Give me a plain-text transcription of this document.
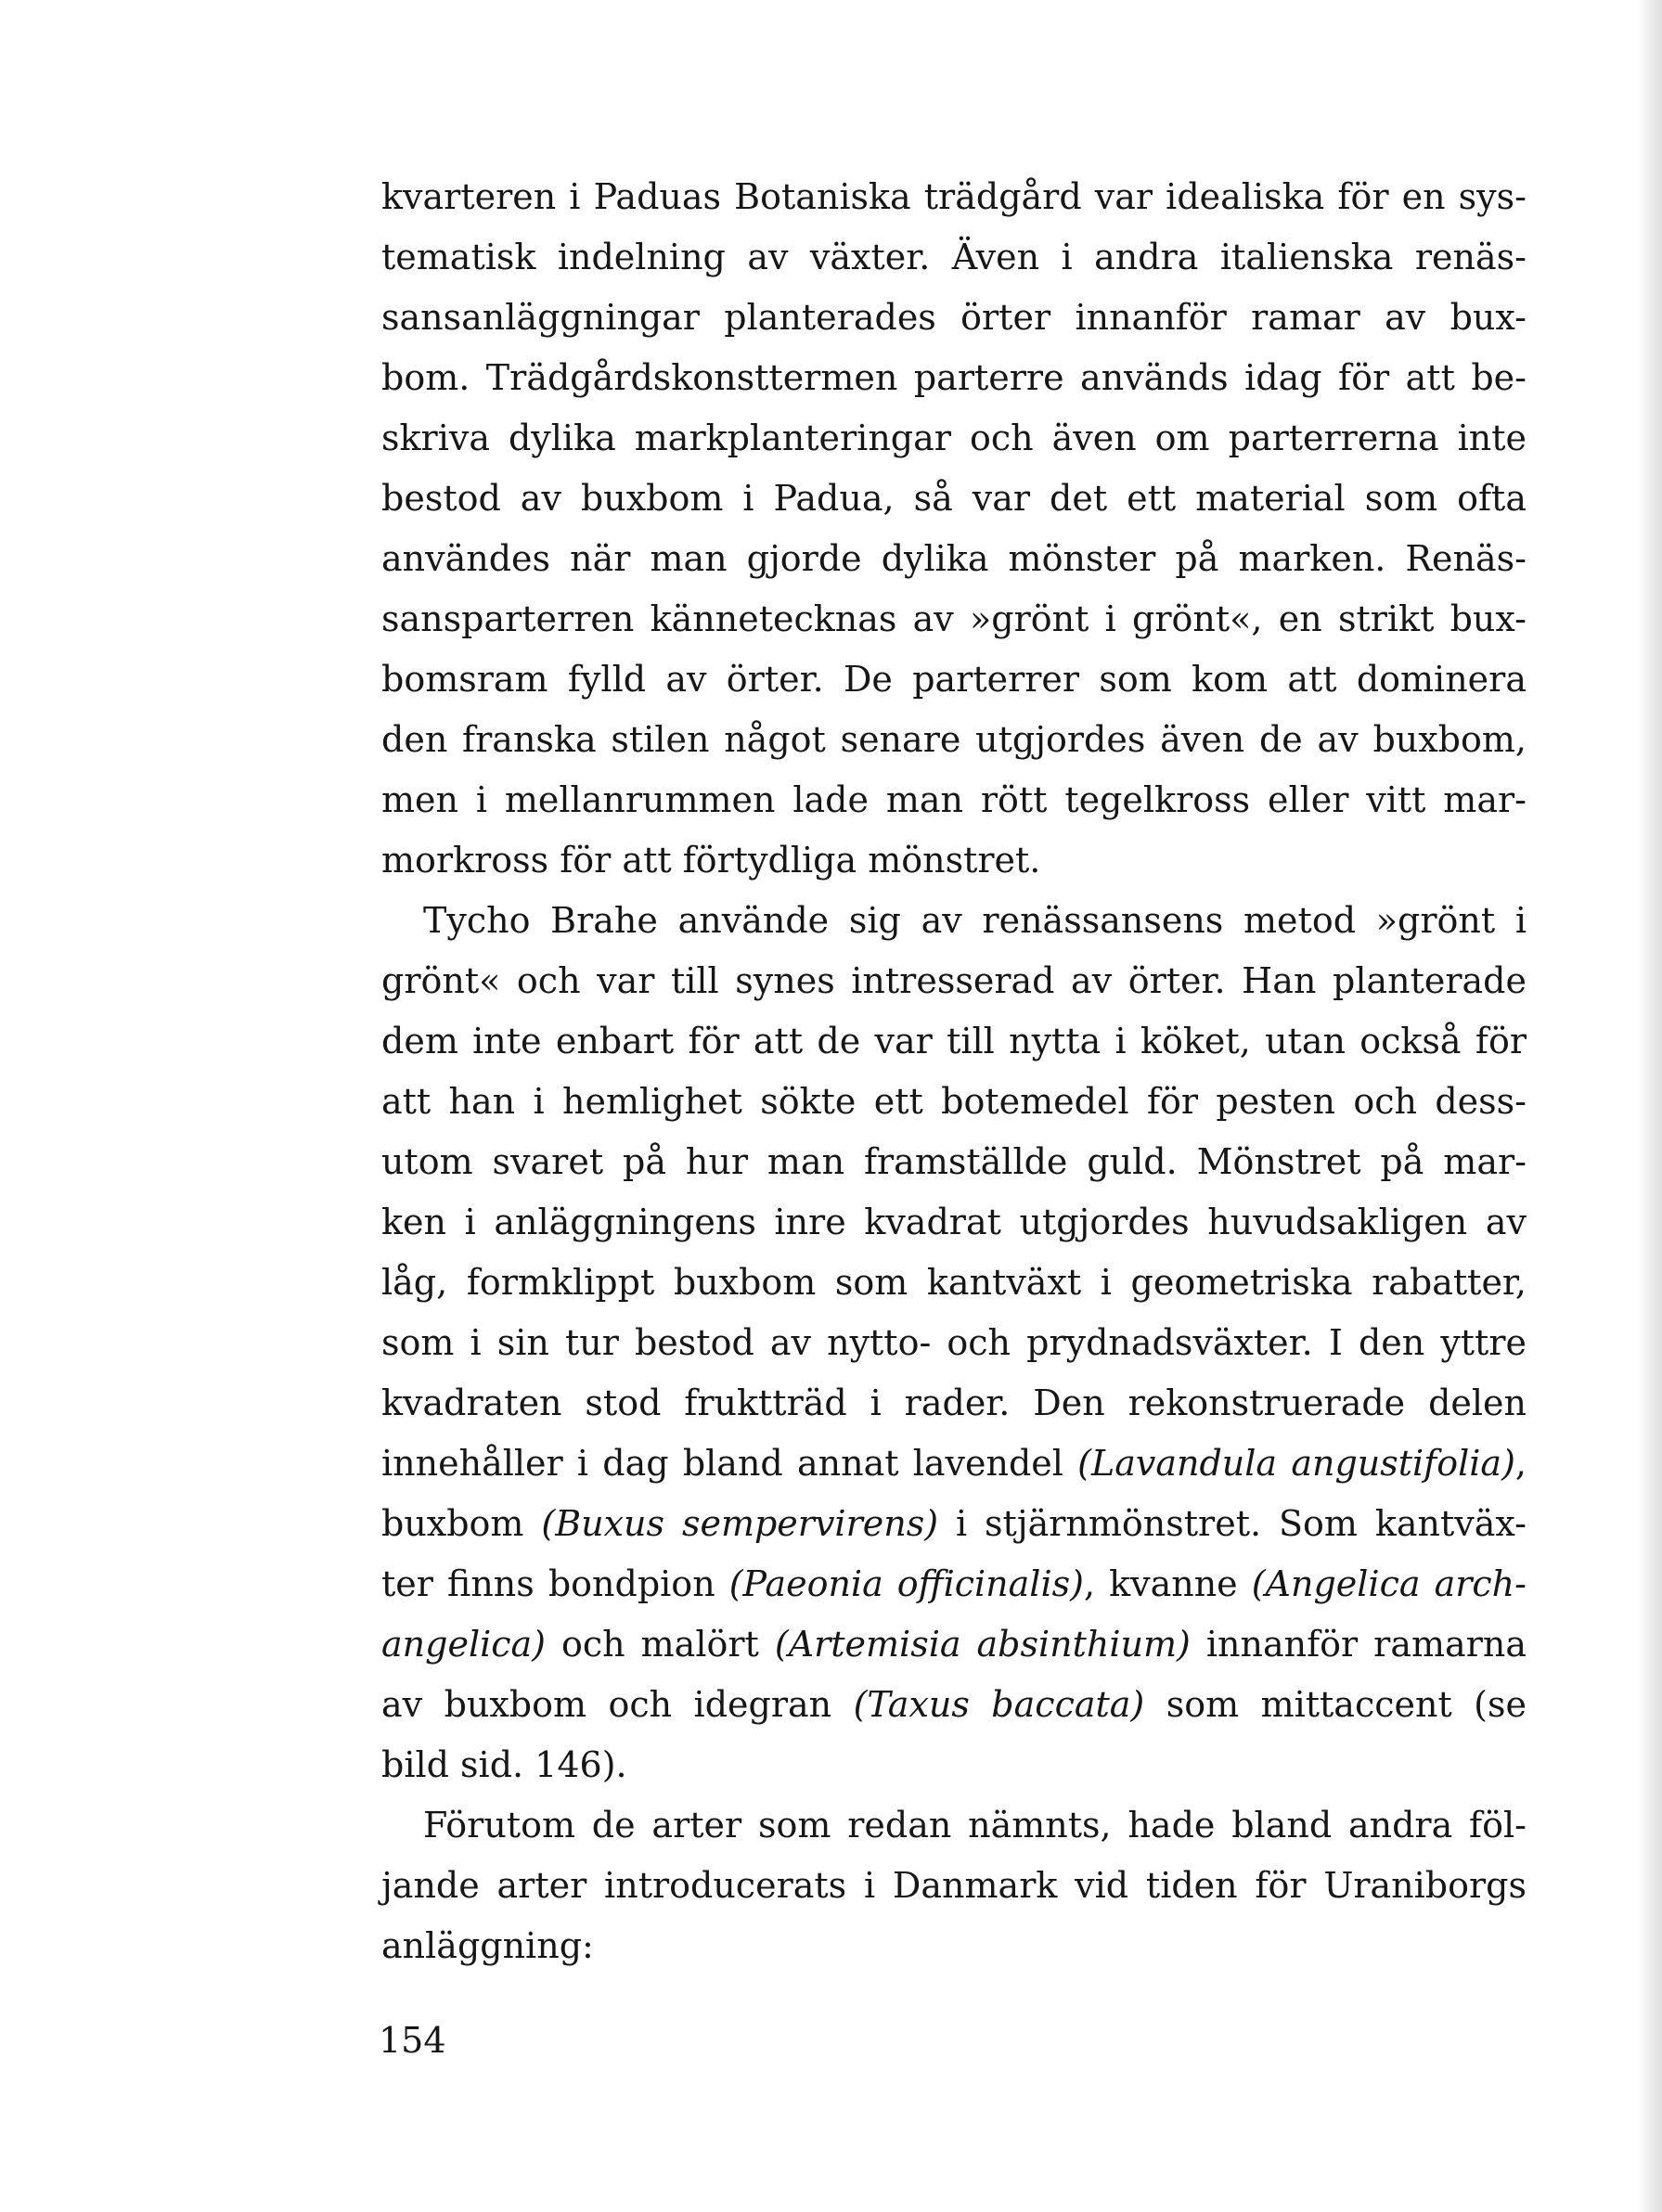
kvarteren i Paduas Botaniska trädgård var idealiska för en sys-
tematisk indelning av växter. Även i andra italienska renäs-
sansanläggningar planterades örter innanför ramar av bux-
bom. Trädgårdskonsttermen parterre används idag för att be-
skriva dylika markplanteringar och även om parterrerna inte
bestod av buxbom i Padua, så var det ett material som ofta
användes när man gjorde dylika mönster på marken. Renäs-
sansparterren kännetecknas av »grönt i grönt«, en strikt bux-
bomsram fylld av örter. De parterrer som kom att dominera
den franska stilen något senare utgjordes även de av buxbom,
men i mellanrummen lade man rött tegelkross eller vitt mar-
morkross för att förtydliga mönstret.
Tycho Brahe använde sig av renässansens metod »grönt i
grönt« och var till synes intresserad av örter. Han planterade
dem inte enbart för att de var till nytta i köket, utan också för
att han i hemlighet sökte ett botemedel för pesten och dess-
utom svaret på hur man framställde guld. Mönstret på mar-
ken i anläggningens inre kvadrat utgjordes huvudsakligen av
låg, formklippt buxbom som kantväxt i geometriska rabatter,
som i sin tur bestod av nytto- och prydnadsväxter. I den yttre
kvadraten stod fruktträd i rader. Den rekonstruerade delen
innehåller i dag bland annat lavendel (Lavandula angustifolia),
buxbom (Buxus sempervirens) i stjärnmönstret. Som kantväx-
ter finns bondpion (Paeonia officinalis), kvanne (Angelica arch-
angelica) och malört (Artemisia absinthium) innanför ramarna
av buxbom och idegran (Taxus baccata) som mittaccent (se
bild sid. 146).
Förutom de arter som redan nämnts, hade bland andra föl-
jande arter introducerats i Danmark vid tiden för Uraniborgs
anläggning:
154
